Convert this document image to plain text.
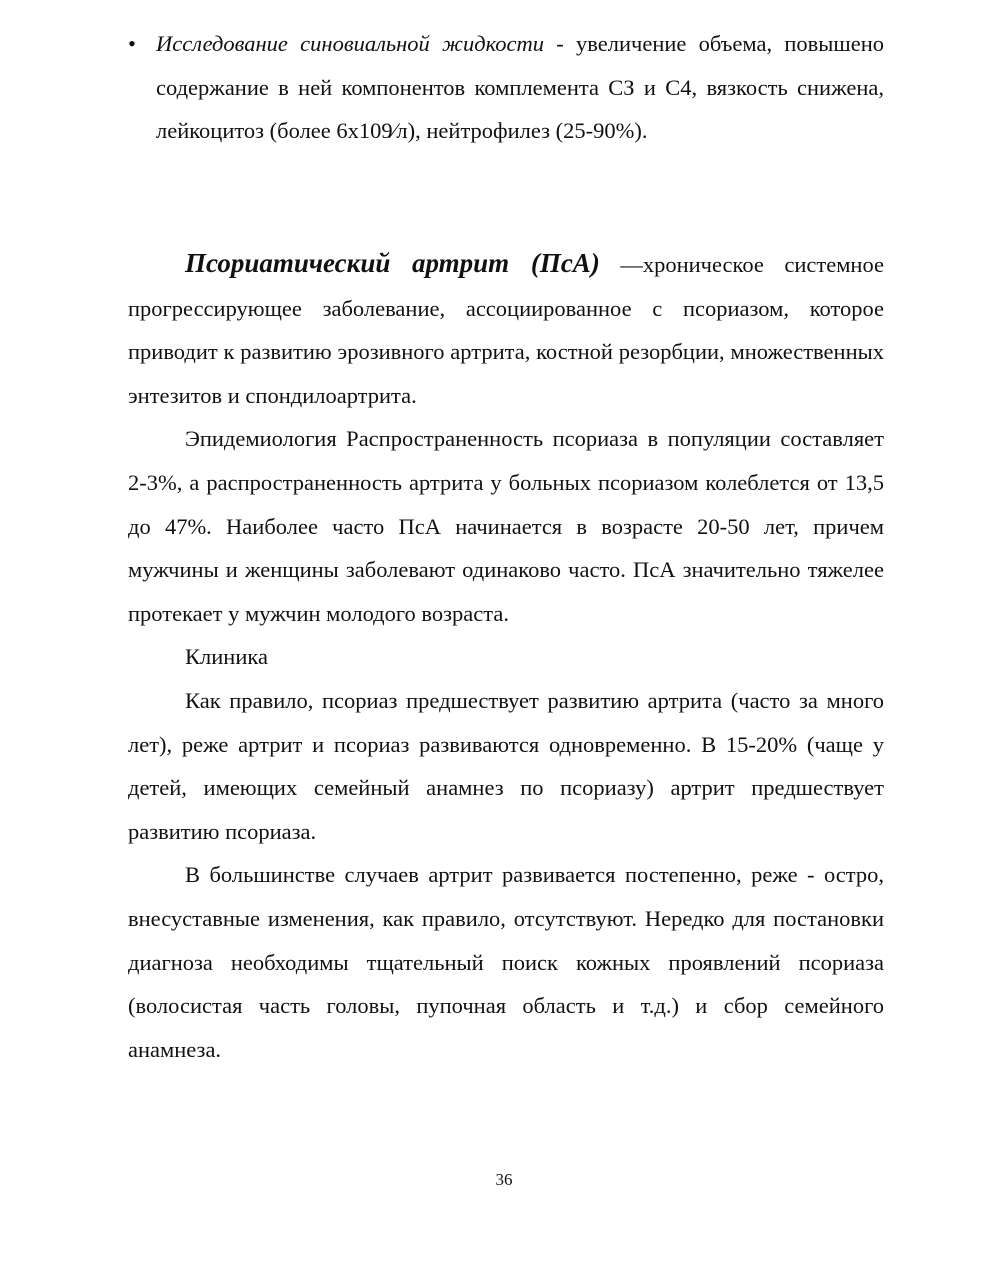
• Исследование синовиальной жидкости - увеличение объема, повышено содержание в ней компонентов комплемента СЗ и С4, вязкость снижена, лейкоцитоз (более 6х109⁄л), нейтрофилез (25-90%).

Псориатический артрит (ПсА) —хроническое системное прогрессирующее заболевание, ассоциированное с псориазом, которое приводит к развитию эрозивного артрита, костной резорбции, множественных энтезитов и спондилоартрита.

Эпидемиология Распространенность псориаза в популяции составляет 2-3%, а распространенность артрита у больных псориазом колеблется от 13,5 до 47%. Наиболее часто ПсА начинается в возрасте 20-50 лет, причем мужчины и женщины заболевают одинаково часто. ПсА значительно тяжелее протекает у мужчин молодого возраста.

Клиника

Как правило, псориаз предшествует развитию артрита (часто за много лет), реже артрит и псориаз развиваются одновременно. В 15-20% (чаще у детей, имеющих семейный анамнез по псориазу) артрит предшествует развитию псориаза.

В большинстве случаев артрит развивается постепенно, реже - остро, внесуставные изменения, как правило, отсутствуют. Нередко для постановки диагноза необходимы тщательный поиск кожных проявлений псориаза (волосистая часть головы, пупочная область и т.д.) и сбор семейного анамнеза.

36
